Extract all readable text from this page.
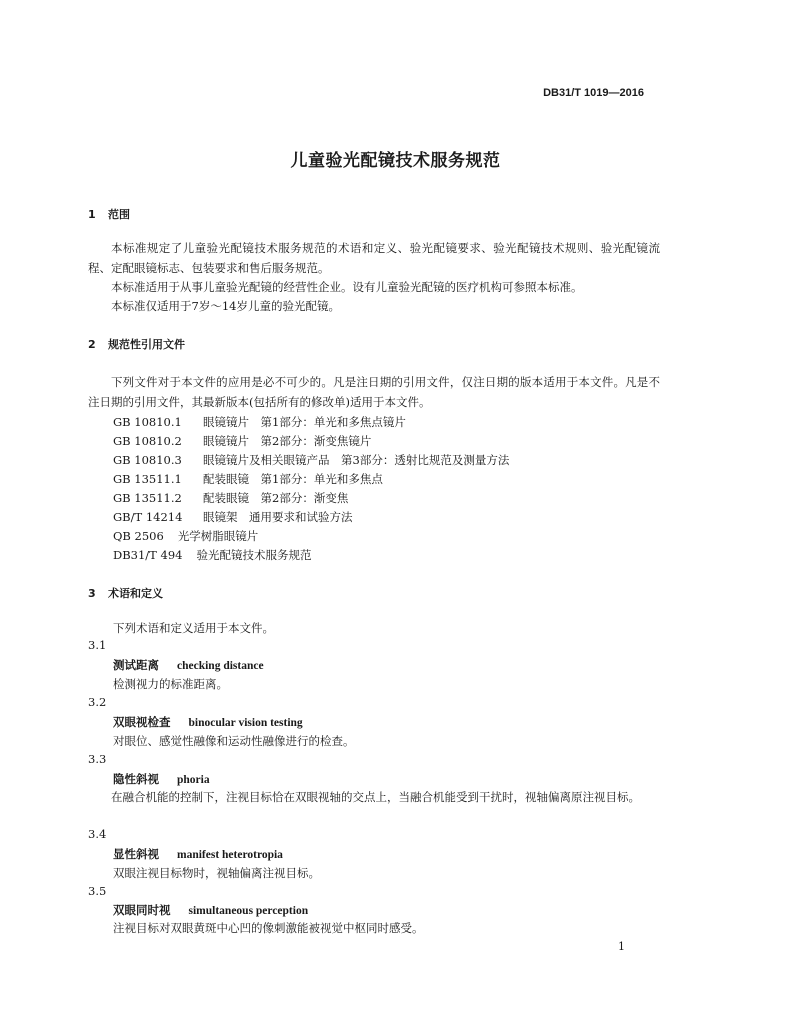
DB31/T 1019—2016
儿童验光配镜技术服务规范
1 范围
本标准规定了儿童验光配镜技术服务规范的术语和定义、验光配镜要求、验光配镜技术规则、验光配镜流程、定配眼镜标志、包装要求和售后服务规范。
本标准适用于从事儿童验光配镜的经营性企业。设有儿童验光配镜的医疗机构可参照本标准。
本标准仅适用于7岁～14岁儿童的验光配镜。
2 规范性引用文件
下列文件对于本文件的应用是必不可少的。凡是注日期的引用文件，仅注日期的版本适用于本文件。凡是不注日期的引用文件，其最新版本(包括所有的修改单)适用于本文件。
GB 10810.1 眼镜镜片　第1部分：单光和多焦点镜片
GB 10810.2 眼镜镜片　第2部分：渐变焦镜片
GB 10810.3 眼镜镜片及相关眼镜产品　第3部分：透射比规范及测量方法
GB 13511.1 配装眼镜　第1部分：单光和多焦点
GB 13511.2 配装眼镜　第2部分：渐变焦
GB/T 14214 眼镜架　通用要求和试验方法
QB 2506 光学树脂眼镜片
DB31/T 494 验光配镜技术服务规范
3 术语和定义
下列术语和定义适用于本文件。
3.1
测试距离 checking distance
检测视力的标准距离。
3.2
双眼视检查 binocular vision testing
对眼位、感觉性融像和运动性融像进行的检查。
3.3
隐性斜视 phoria
在融合机能的控制下，注视目标恰在双眼视轴的交点上，当融合机能受到干扰时，视轴偏离原注视目标。
3.4
显性斜视 manifest heterotropia
双眼注视目标物时，视轴偏离注视目标。
3.5
双眼同时视 simultaneous perception
注视目标对双眼黄斑中心凹的像刺激能被视觉中枢同时感受。
1
